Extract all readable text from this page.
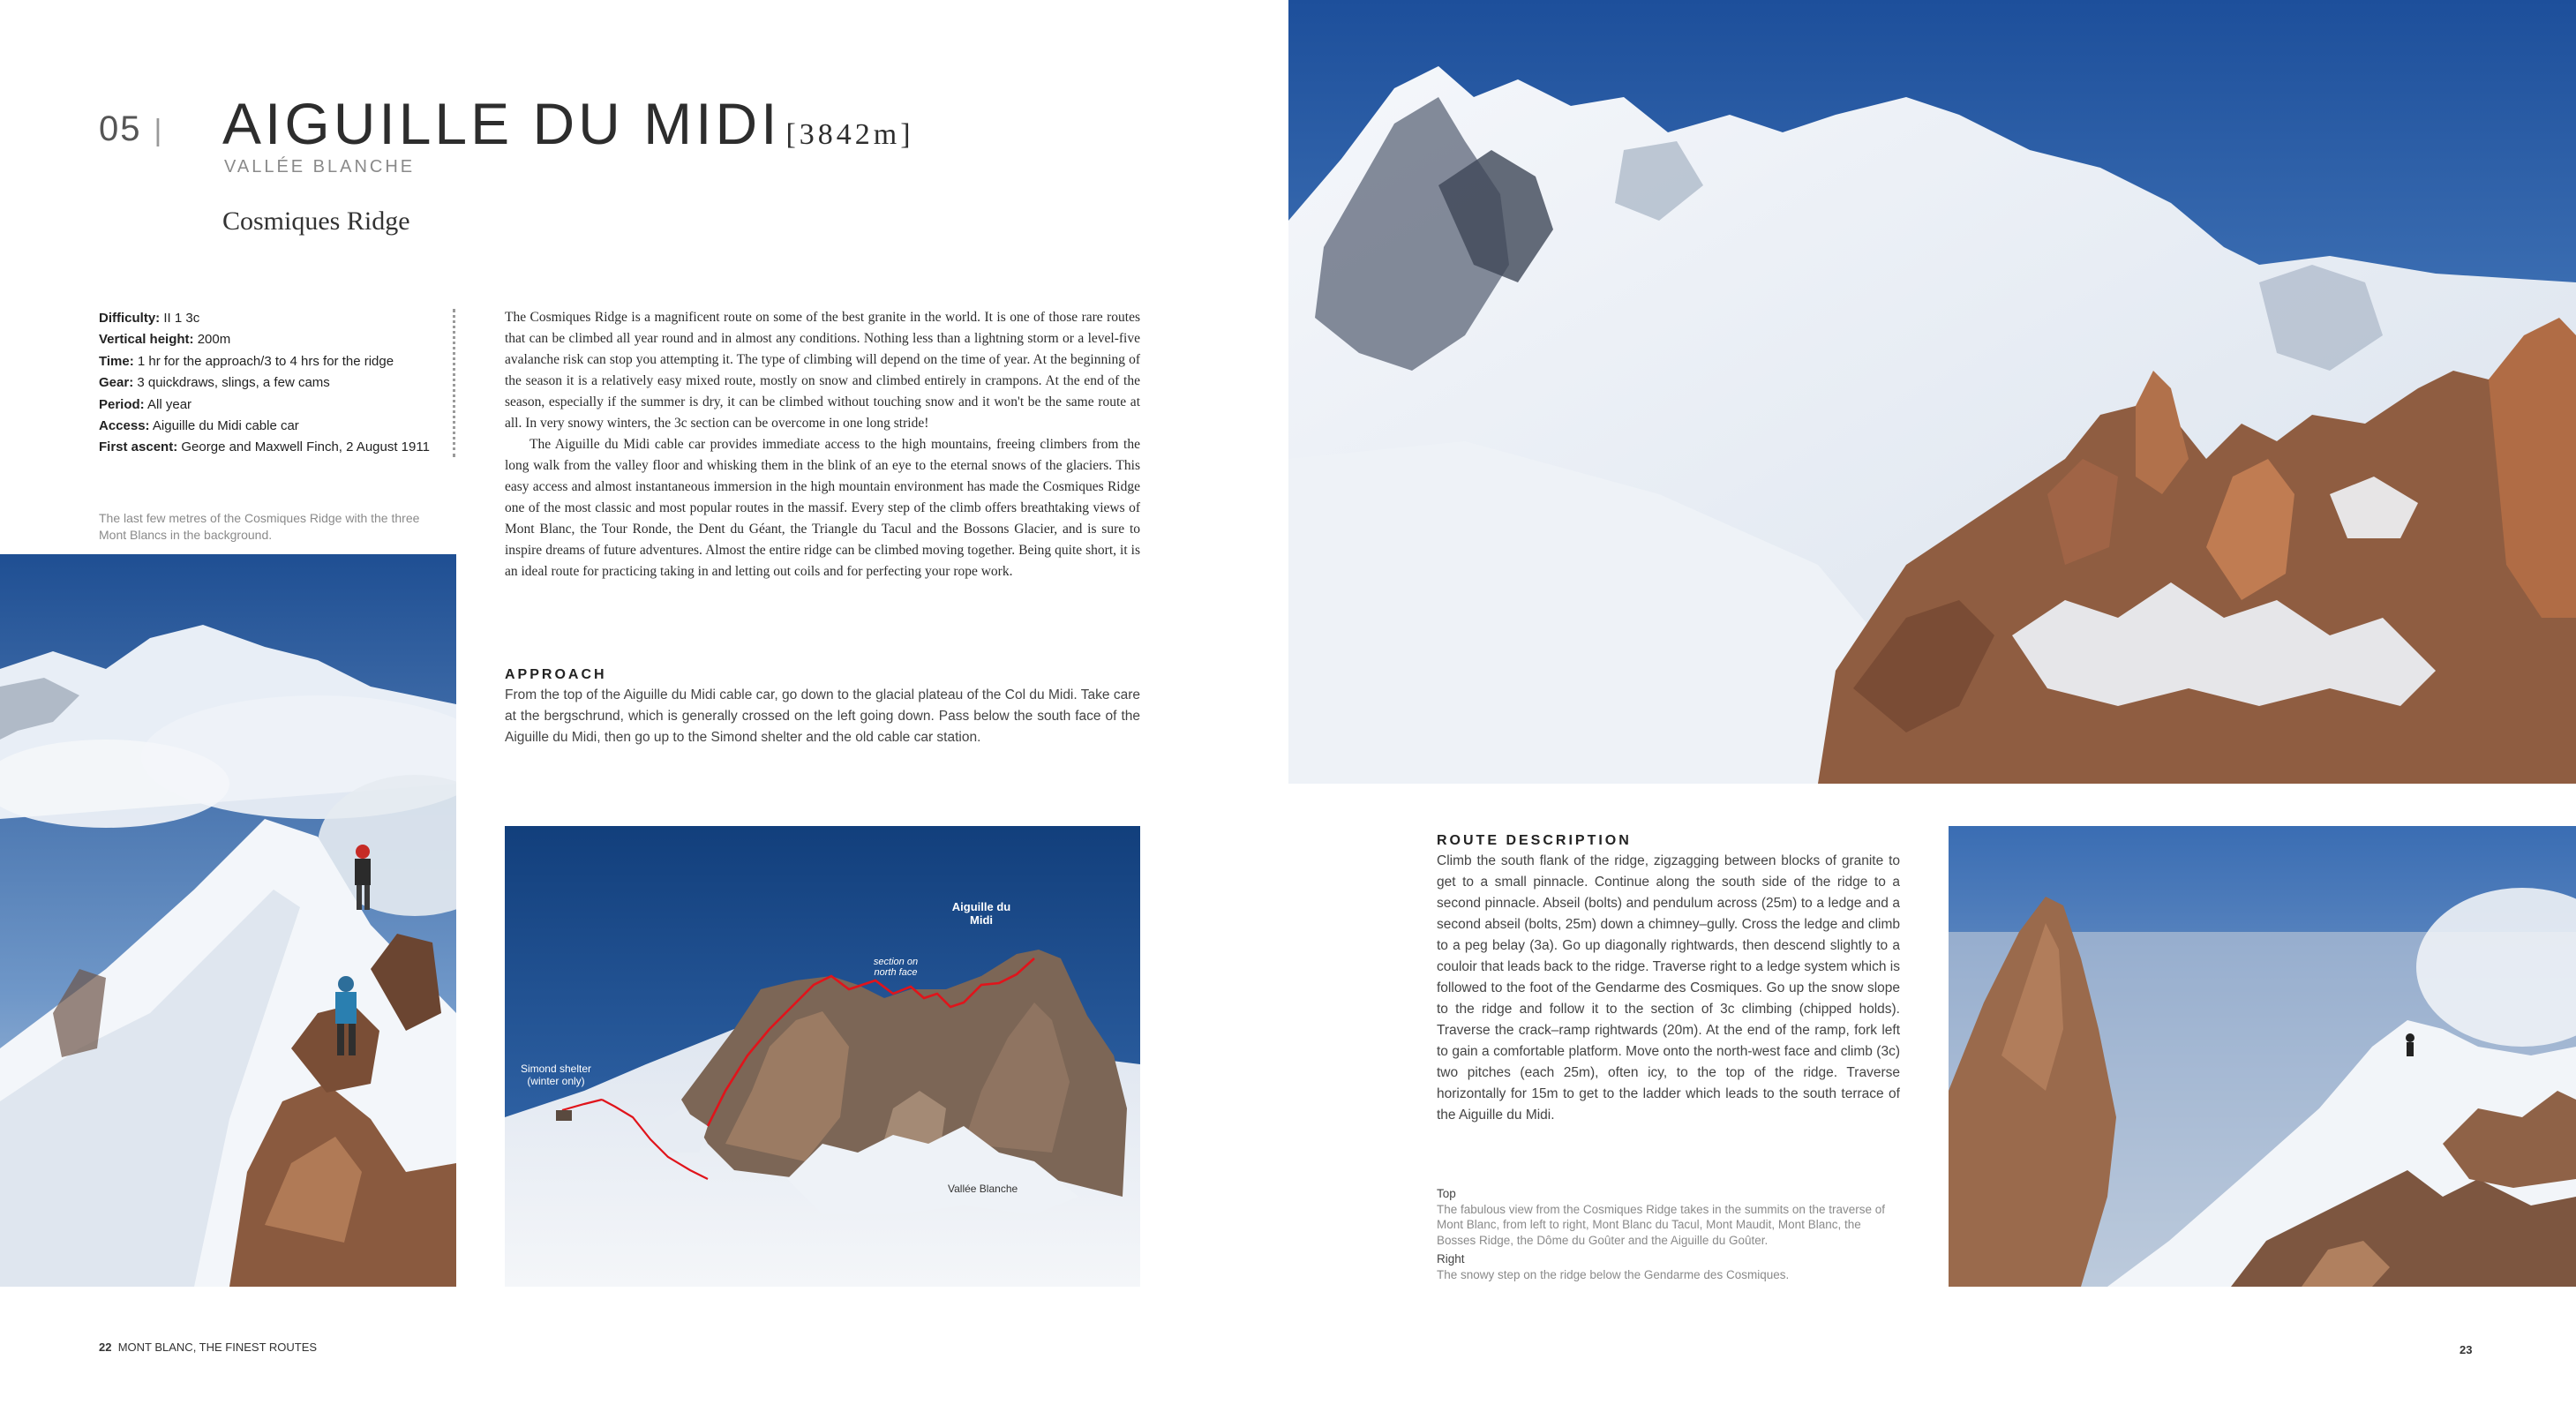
05 | AIGUILLE DU MIDI [3842m]
VALLÉE BLANCHE
Cosmiques Ridge
Difficulty: II 1 3c
Vertical height: 200m
Time: 1 hr for the approach/3 to 4 hrs for the ridge
Gear: 3 quickdraws, slings, a few cams
Period: All year
Access: Aiguille du Midi cable car
First ascent: George and Maxwell Finch, 2 August 1911
The last few metres of the Cosmiques Ridge with the three Mont Blancs in the background.

The Cosmiques Ridge is a magnificent route on some of the best granite in the world. It is one of those rare routes that can be climbed all year round and in almost any conditions. Nothing less than a lightning storm or a level-five avalanche risk can stop you attempting it. The type of climbing will depend on the time of year. At the beginning of the season it is a relatively easy mixed route, mostly on snow and climbed entirely in crampons. At the end of the season, especially if the summer is dry, it can be climbed without touching snow and it won't be the same route at all. In very snowy winters, the 3c section can be overcome in one long stride!

The Aiguille du Midi cable car provides immediate access to the high mountains, freeing climbers from the long walk from the valley floor and whisking them in the blink of an eye to the eternal snows of the glaciers. This easy access and almost instantaneous immersion in the high mountain environment has made the Cosmiques Ridge one of the most classic and most popular routes in the massif. Every step of the climb offers breathtaking views of Mont Blanc, the Tour Ronde, the Dent du Géant, the Triangle du Tacul and the Bossons Glacier, and is sure to inspire dreams of future adventures. Almost the entire ridge can be climbed moving together. Being quite short, it is an ideal route for practicing taking in and letting out coils and for perfecting your rope work.

APPROACH
From the top of the Aiguille du Midi cable car, go down to the glacial plateau of the Col du Midi. Take care at the bergschrund, which is generally crossed on the left going down. Pass below the south face of the Aiguille du Midi, then go up to the Simond shelter and the old cable car station.
Aiguille du Midi
section on north face
Simond shelter (winter only)
Vallée Blanche
22 MONT BLANC, THE FINEST ROUTES
ROUTE DESCRIPTION
Climb the south flank of the ridge, zigzagging between blocks of granite to get to a small pinnacle. Continue along the south side of the ridge to a second pinnacle. Abseil (bolts) and pendulum across (25m) to a ledge and a second abseil (bolts, 25m) down a chimney–gully. Cross the ledge and climb to a peg belay (3a). Go up diagonally rightwards, then descend slightly to a couloir that leads back to the ridge. Traverse right to a ledge system which is followed to the foot of the Gendarme des Cosmiques. Go up the snow slope to the ridge and follow it to the section of 3c climbing (chipped holds). Traverse the crack–ramp rightwards (20m). At the end of the ramp, fork left to gain a comfortable platform. Move onto the north-west face and climb (3c) two pitches (each 25m), often icy, to the top of the ridge. Traverse horizontally for 15m to get to the ladder which leads to the south terrace of the Aiguille du Midi.
Top
The fabulous view from the Cosmiques Ridge takes in the summits on the traverse of Mont Blanc, from left to right, Mont Blanc du Tacul, Mont Maudit, Mont Blanc, the Bosses Ridge, the Dôme du Goûter and the Aiguille du Goûter.
Right
The snowy step on the ridge below the Gendarme des Cosmiques.
23
